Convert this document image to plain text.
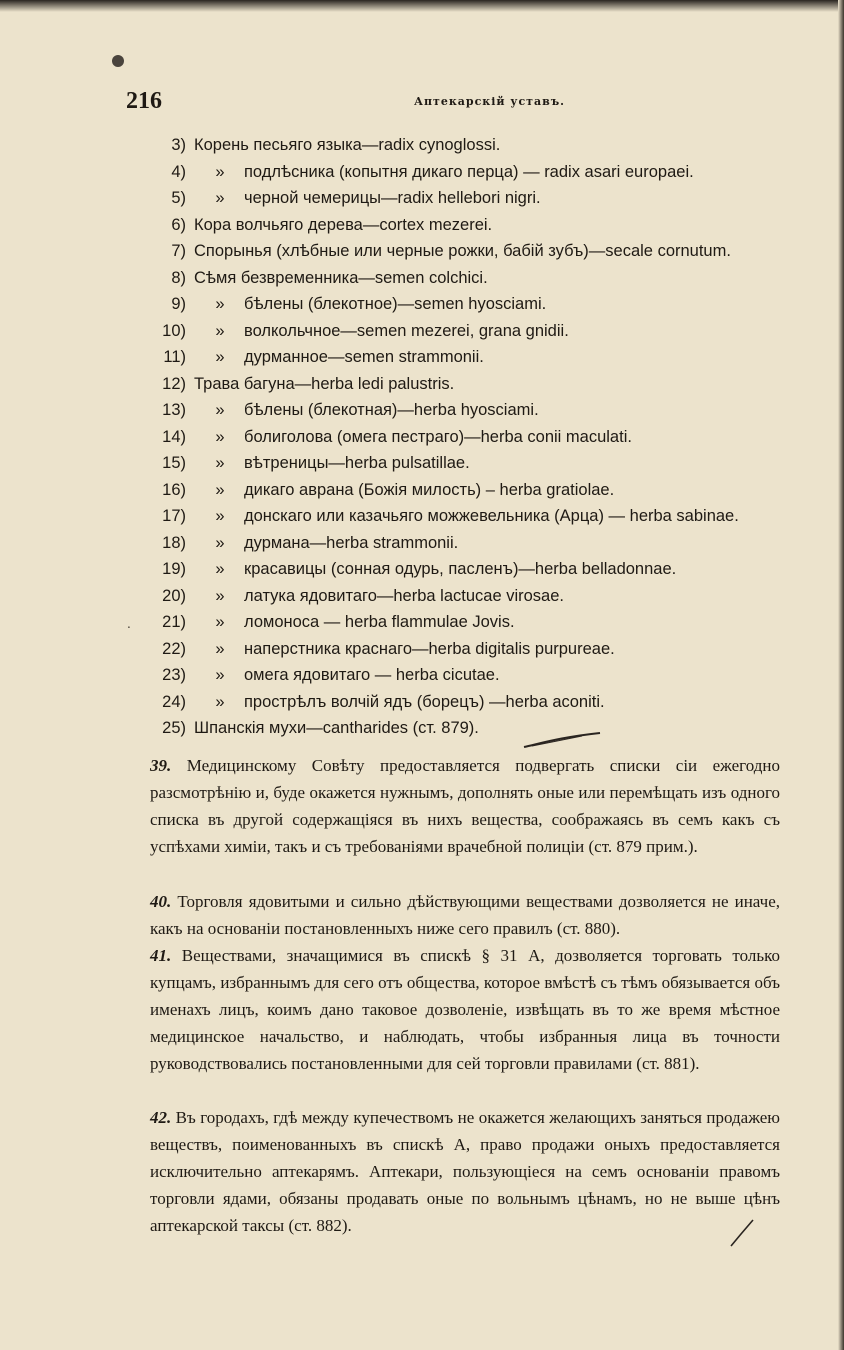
216	Аптекарскій уставъ.
3) Корень песьяго языка—radix cynoglossi.
4)	»	подлѣсника (копытня дикаго перца) — radix asari europaei.
5)	»	черной чемерицы—radix hellebori nigri.
6) Кора волчьяго дерева—cortex mezerei.
7) Спорынья (хлѣбные или черные рожки, бабій зубъ)—secale cornutum.
8) Сѣмя безвременника—semen colchici.
9)	»	бѣлены (блекотное)—semen hyosciami.
10)	»	волкольчное—semen mezerei, grana gnidii.
11)	»	дурманное—semen strammonii.
12) Трава багуна—herba ledi palustris.
13)	»	бѣлены (блекотная)—herba hyosciami.
14)	»	болиголова (омега пестраго)—herba conii maculati.
15)	»	вѣтреницы—herba pulsatillae.
16)	»	дикаго аврана (Божія милость) – herba gratiolae.
17)	»	донскаго или казачьяго можжевельника (Арца) — herba sabinae.
18)	»	дурмана—herba strammonii.
19)	»	красавицы (сонная одурь, пасленъ)—herba belladonnae.
20)	»	латука ядовитаго—herba lactucae virosae.
21)	»	ломоноса — herba flammulae Jovis.
22)	»	наперстника краснаго—herba digitalis purpureae.
23)	»	омега ядовитаго — herba cicutae.
24)	»	прострѣлъ волчій ядъ (борецъ) —herba aconiti.
25) Шпанскія мухи—cantharides (ст. 879).
.
39. Медицинскому Совѣту предоставляется подвергать списки сіи ежегодно разсмотрѣнію и, буде окажется нужнымъ, дополнять оные или перемѣщать изъ одного списка въ другой содержащіяся въ нихъ вещества, соображаясь въ семъ какъ съ успѣхами химіи, такъ и съ требованіями врачебной полиціи (ст. 879 прим.).
40. Торговля ядовитыми и сильно дѣйствующими веществами дозволяется не иначе, какъ на основаніи постановленныхъ ниже сего правилъ (ст. 880).
41. Веществами, значащимися въ спискѣ § 31 А, дозволяется торговать только купцамъ, избраннымъ для сего отъ общества, которое вмѣстѣ съ тѣмъ обязывается объ именахъ лицъ, коимъ дано таковое дозволеніе, извѣщать въ то же время мѣстное медицинское начальство, и наблюдать, чтобы избранныя лица въ точности руководствовались постановленными для сей торговли правилами (ст. 881).
42. Въ городахъ, гдѣ между купечествомъ не окажется желающихъ заняться продажею веществъ, поименованныхъ въ спискѣ А, право продажи оныхъ предоставляется исключительно аптекарямъ. Аптекари, пользующіеся на семъ основаніи правомъ торговли ядами, обязаны продавать оные по вольнымъ цѣнамъ, но не выше цѣнъ аптекарской таксы (ст. 882).
